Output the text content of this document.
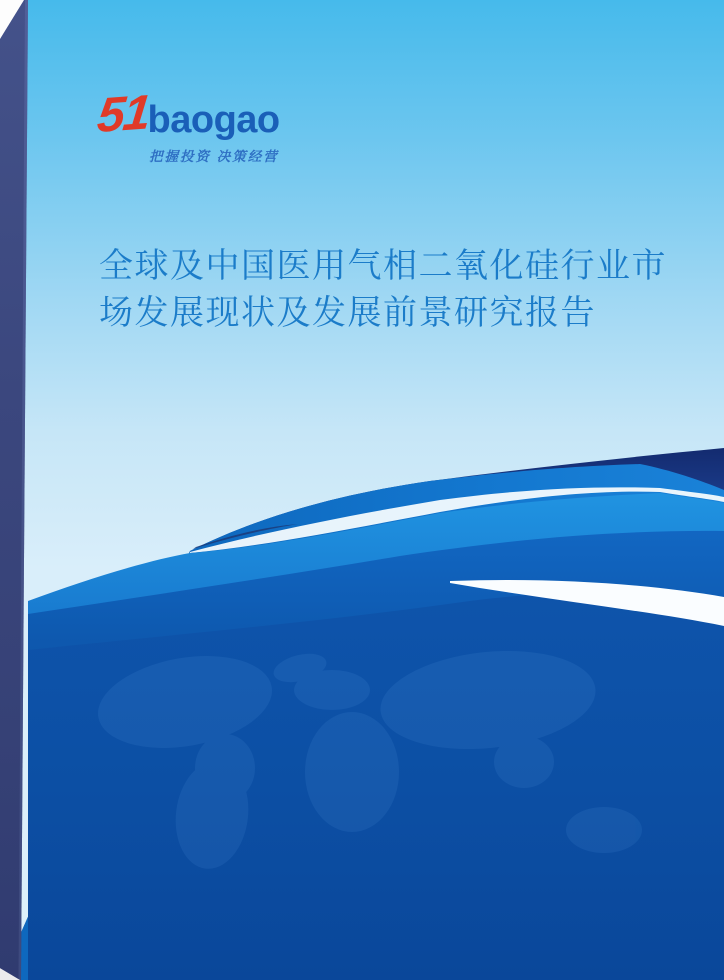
51
baogao
把握投资 决策经营
全球及中国医用气相二氧化硅行业市
场发展现状及发展前景研究报告
